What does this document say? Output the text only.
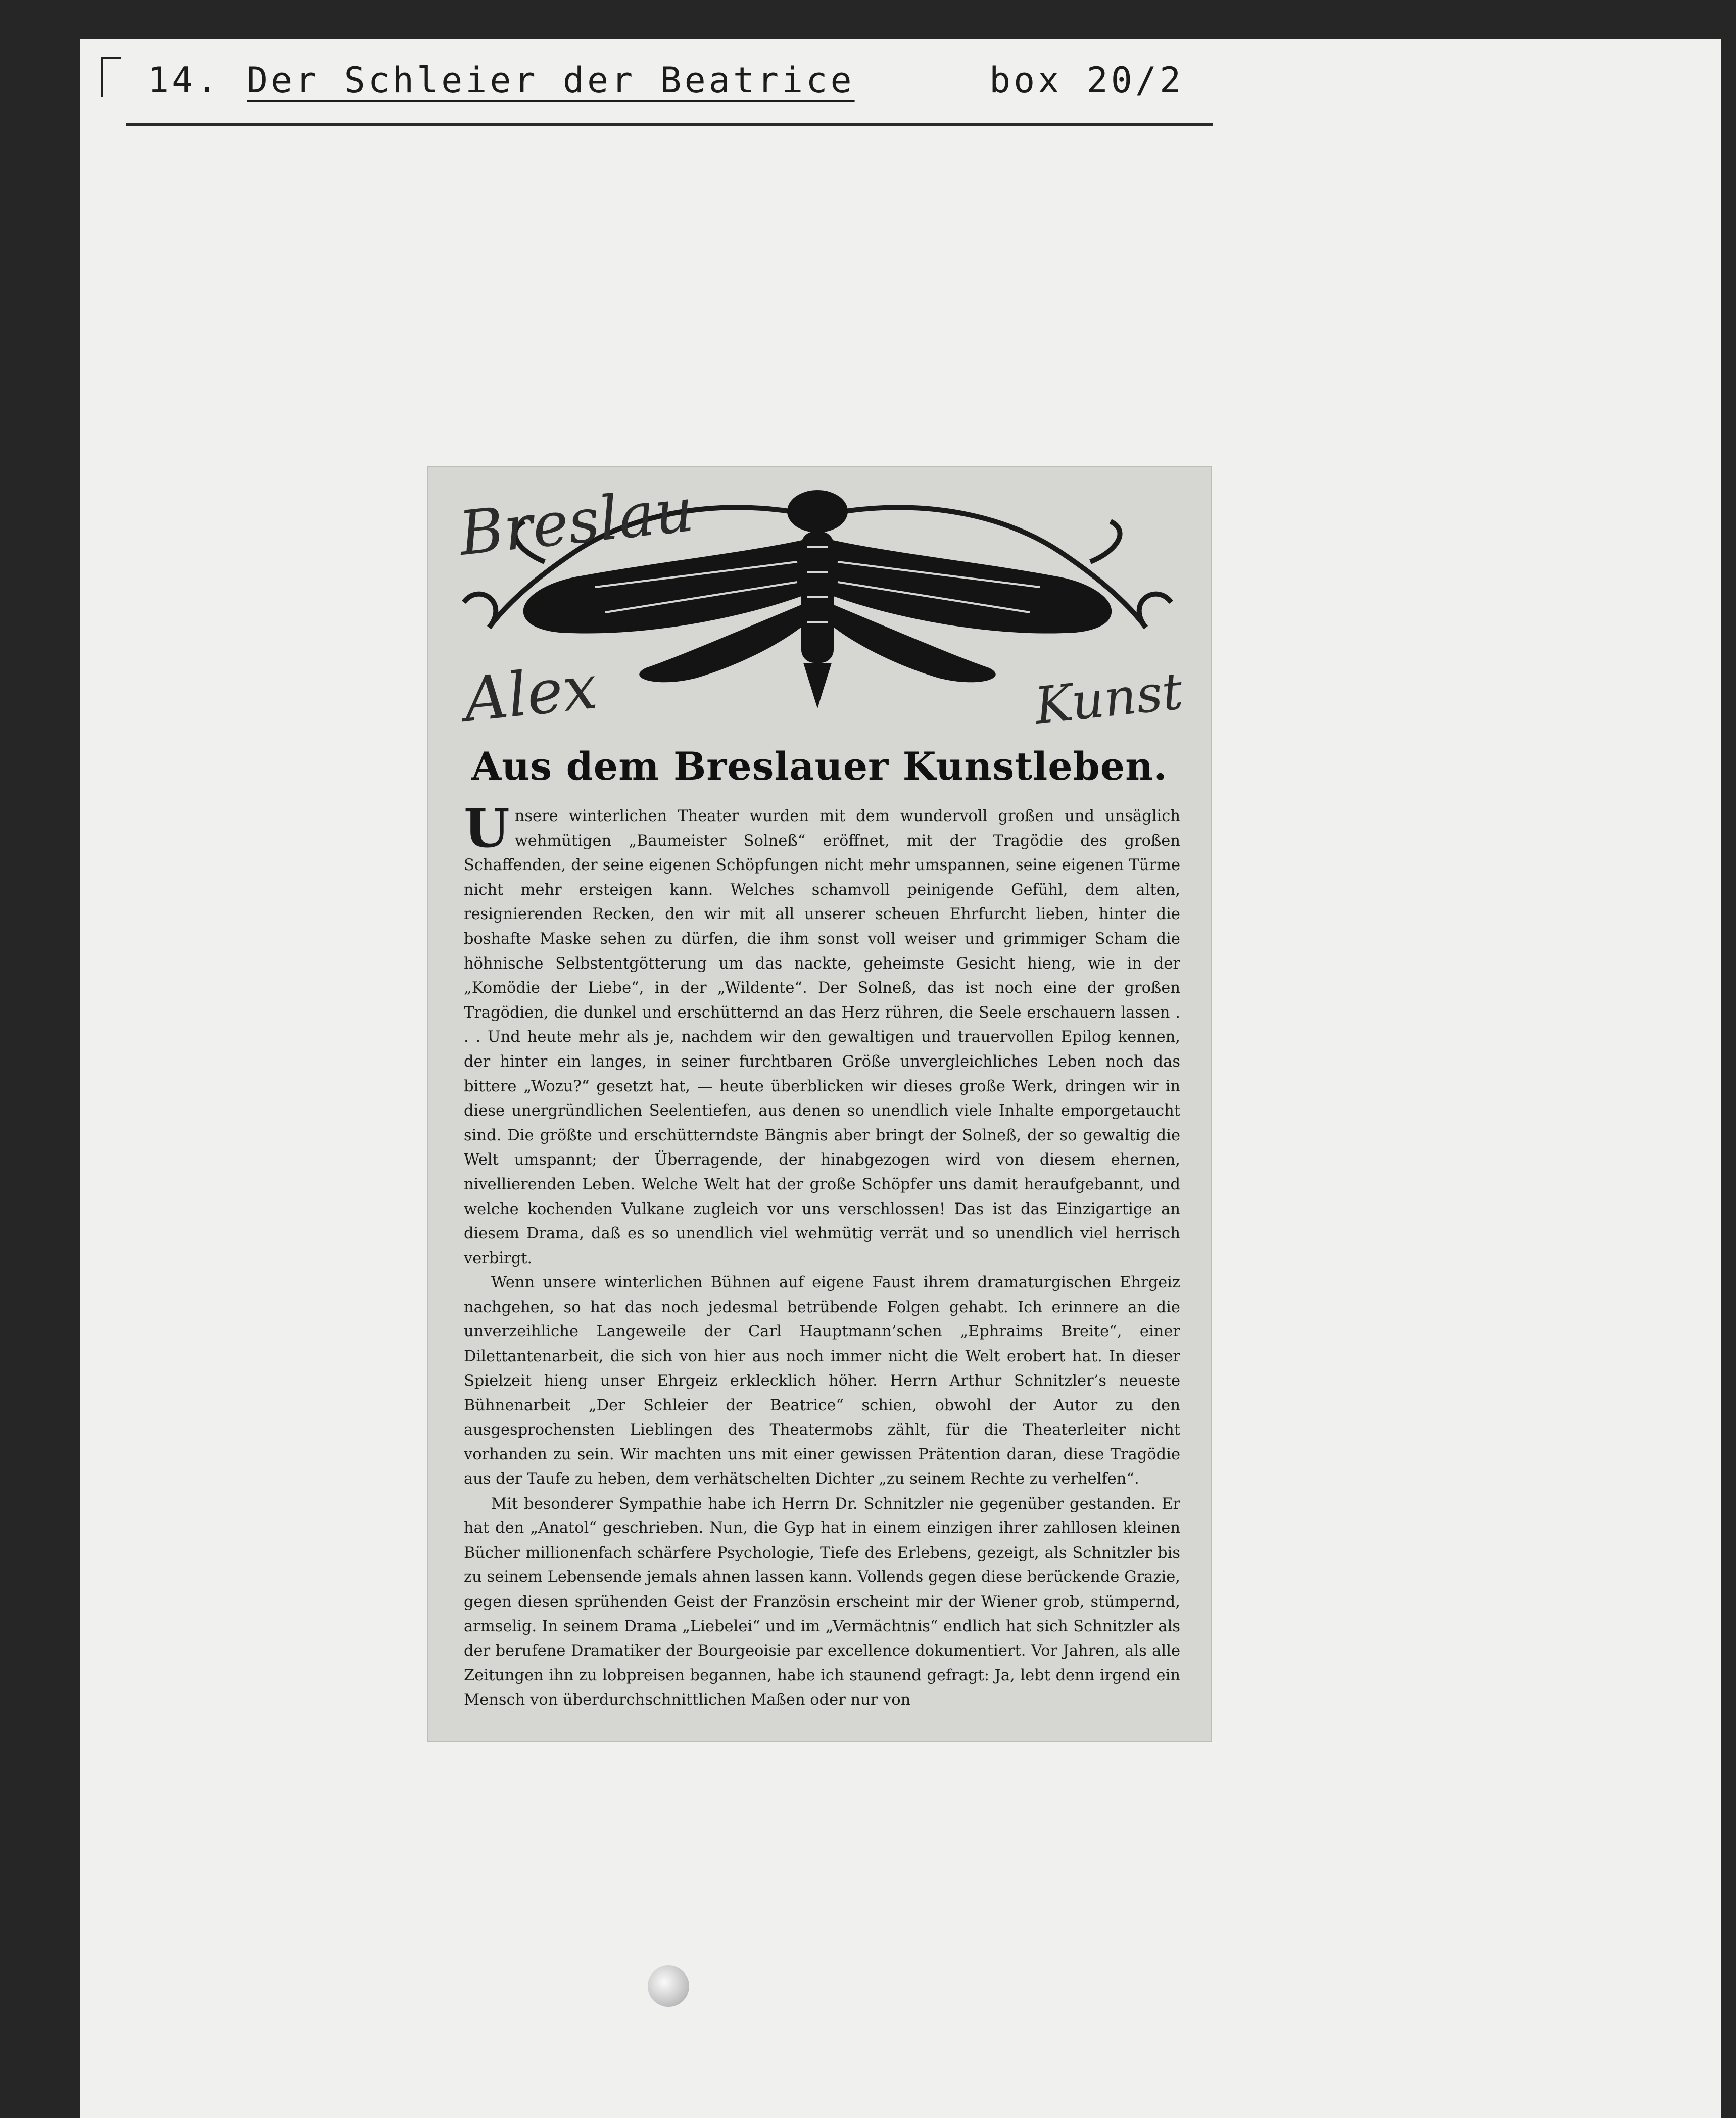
14. Der Schleier der Beatrice	box 20/2
Breslau
Alex	Kunst
Aus dem Breslauer Kunstleben.

Unsere winterlichen Theater wurden mit dem wundervoll großen und unsäglich wehmütigen „Baumeister Solneß“ eröffnet, mit der Tragödie des großen Schaffenden, der seine eigenen Schöpfungen nicht mehr umspannen, seine eigenen Türme nicht mehr ersteigen kann. Welches schamvoll peinigende Gefühl, dem alten, resignierenden Recken, den wir mit all unserer scheuen Ehrfurcht lieben, hinter die boshafte Maske sehen zu dürfen, die ihm sonst voll weiser und grimmiger Scham die höhnische Selbstentgötterung um das nackte, geheimste Gesicht hieng, wie in der „Komödie der Liebe“, in der „Wildente“. Der Solneß, das ist noch eine der großen Tragödien, die dunkel und erschütternd an das Herz rühren, die Seele erschauern lassen . . . Und heute mehr als je, nachdem wir den gewaltigen und trauervollen Epilog kennen, der hinter ein langes, in seiner furchtbaren Größe unvergleichliches Leben noch das bittere „Wozu?“ gesetzt hat, — heute überblicken wir dieses große Werk, dringen wir in diese unergründlichen Seelentiefen, aus denen so unendlich viele Inhalte emporgetaucht sind. Die größte und erschütterndste Bängnis aber bringt der Solneß, der so gewaltig die Welt umspannt; der Überragende, der hinabgezogen wird von diesem ehernen, nivellierenden Leben. Welche Welt hat der große Schöpfer uns damit heraufgebannt, und welche kochenden Vulkane zugleich vor uns verschlossen! Das ist das Einzigartige an diesem Drama, daß es so unendlich viel wehmütig verrät und so unendlich viel herrisch verbirgt.

Wenn unsere winterlichen Bühnen auf eigene Faust ihrem dramaturgischen Ehrgeiz nachgehen, so hat das noch jedesmal betrübende Folgen gehabt. Ich erinnere an die unverzeihliche Langeweile der Carl Hauptmann’schen „Ephraims Breite“, einer Dilettantenarbeit, die sich von hier aus noch immer nicht die Welt erobert hat. In dieser Spielzeit hieng unser Ehrgeiz erklecklich höher. Herrn Arthur Schnitzler’s neueste Bühnenarbeit „Der Schleier der Beatrice“ schien, obwohl der Autor zu den ausgesprochensten Lieblingen des Theatermobs zählt, für die Theaterleiter nicht vorhanden zu sein. Wir machten uns mit einer gewissen Prätention daran, diese Tragödie aus der Taufe zu heben, dem verhätschelten Dichter „zu seinem Rechte zu verhelfen“.

Mit besonderer Sympathie habe ich Herrn Dr. Schnitzler nie gegenüber gestanden. Er hat den „Anatol“ geschrieben. Nun, die Gyp hat in einem einzigen ihrer zahllosen kleinen Bücher millionenfach schärfere Psychologie, Tiefe des Erlebens, gezeigt, als Schnitzler bis zu seinem Lebensende jemals ahnen lassen kann. Vollends gegen diese berückende Grazie, gegen diesen sprühenden Geist der Französin erscheint mir der Wiener grob, stümpernd, armselig. In seinem Drama „Liebelei“ und im „Vermächtnis“ endlich hat sich Schnitzler als der berufene Dramatiker der Bourgeoisie par excellence dokumentiert. Vor Jahren, als alle Zeitungen ihn zu lobpreisen begannen, habe ich staunend gefragt: Ja, lebt denn irgend ein Mensch von überdurchschnittlichen Maßen oder nur von
